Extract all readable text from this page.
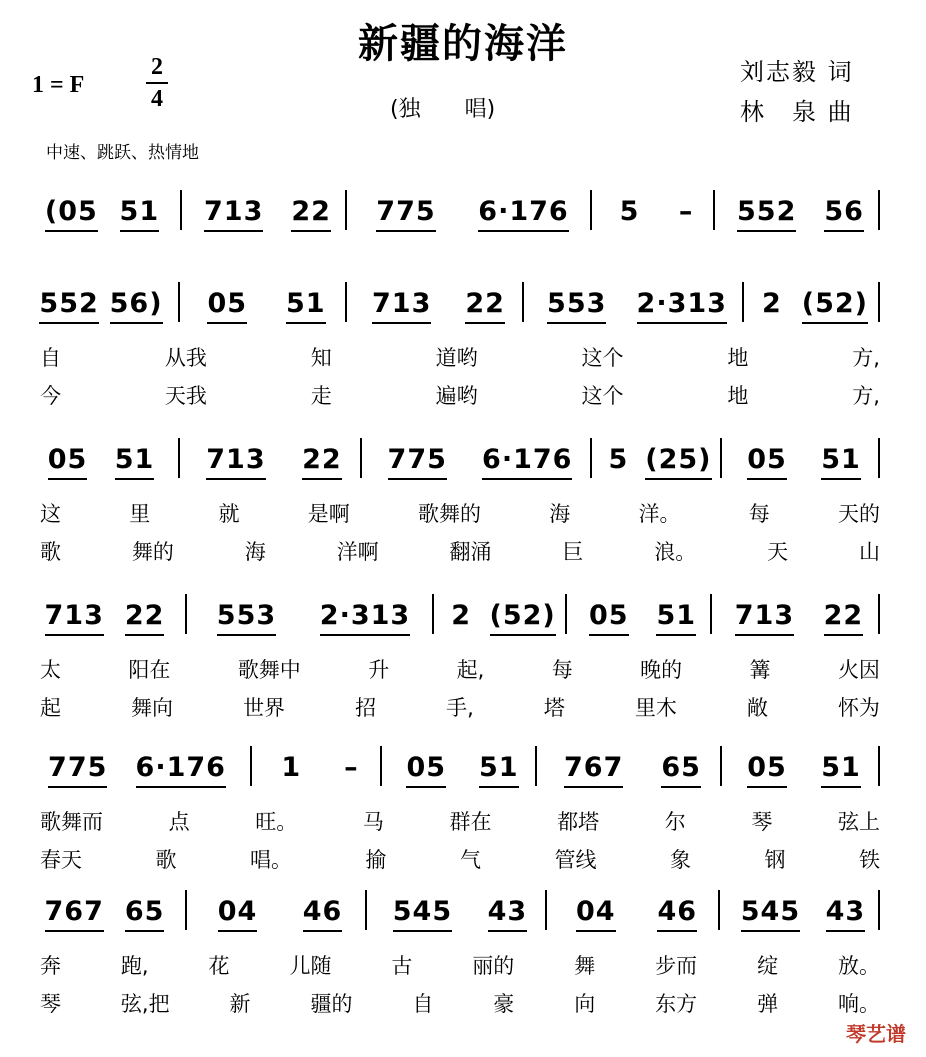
新疆的海洋
1 = F
2
4	(独　　唱)
刘志毅 词
林　泉 曲
中速、跳跃、热情地
(05 51 713 22 775 6·176 5 – 552 56
552 56) 05 51 713 22 553 2·313 2 (52)
自	从我	知	道哟	这个	地	方,
今	天我	走	遍哟	这个	地	方,
05 51 713 22 775 6·176 5 (25) 05 51
这	里	就	是啊	歌舞的	海	洋。	每	天的
歌	舞的	海	洋啊	翻涌	巨	浪。	天	山
713 22 553 2·313 2 (52) 05 51 713 22
太	阳在	歌舞中	升	起,	每	晚的	篝	火因
起	舞向	世界	招	手,	塔	里木	敞	怀为
775 6·176 1 – 05 51 767 65 05 51
歌舞而	点	旺。	马	群在	都塔	尔	琴	弦上
春天	歌	唱。	揄	气	管线	象	钢	铁
767 65 04 46 545 43 04 46 545 43
奔	跑,	花	儿随	古	丽的	舞	步而	绽	放。
琴	弦,把	新	疆的	自	豪	向	东方	弹	响。
琴艺谱
